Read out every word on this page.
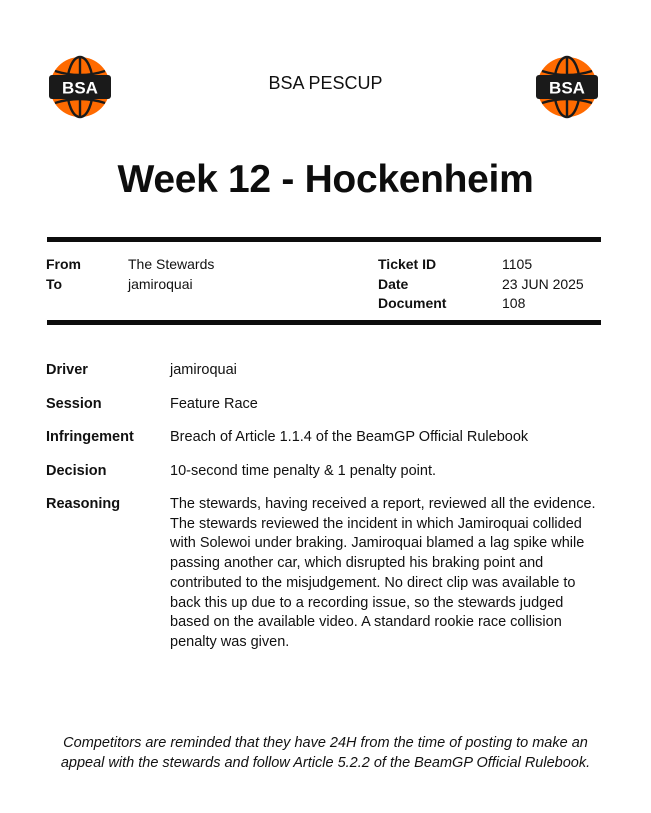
BSA	BSA PESCUP	BSA
Week 12 - Hockenheim
From	The Stewards
To	jamiroquai
Ticket ID	1105
Date	23 JUN 2025
Document	108
Driver	jamiroquai
Session	Feature Race
Infringement Breach of Article 1.1.4 of the BeamGP Official Rulebook
Decision	10-second time penalty & 1 penalty point.
Reasoning	The stewards, having received a report, reviewed all the evidence. The stewards reviewed the incident in which Jamiroquai collided with Solewoi under braking. Jamiroquai blamed a lag spike while passing another car, which disrupted his braking point and contributed to the misjudgement. No direct clip was available to back this up due to a recording issue, so the stewards judged based on the available video. A standard rookie race collision penalty was given.
Competitors are reminded that they have 24H from the time of posting to make an appeal with the stewards and follow Article 5.2.2 of the BeamGP Official Rulebook.
